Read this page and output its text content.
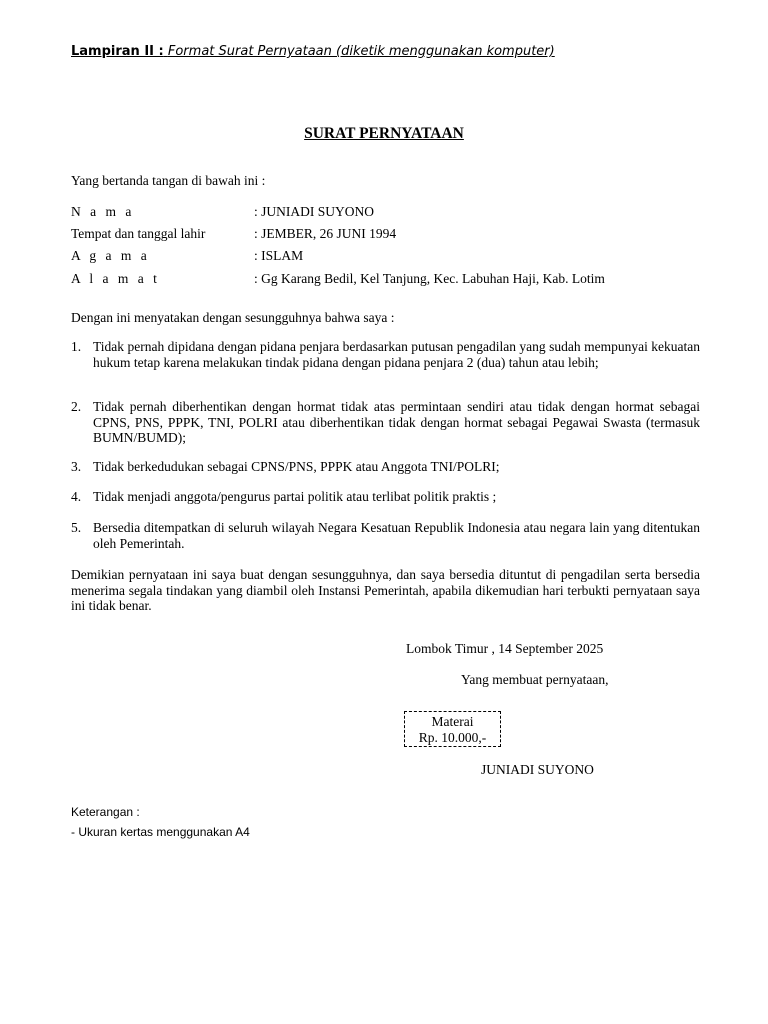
Lampiran II : Format Surat Pernyataan (diketik menggunakan komputer)
SURAT PERNYATAAN
Yang bertanda tangan di bawah ini :
N a m a	: JUNIADI SUYONO
Tempat dan tanggal lahir	: JEMBER, 26 JUNI 1994
A g a m a	: ISLAM
A l a m a t	: Gg Karang Bedil, Kel Tanjung, Kec. Labuhan Haji, Kab. Lotim
Dengan ini menyatakan dengan sesungguhnya bahwa saya :
1. Tidak pernah dipidana dengan pidana penjara berdasarkan putusan pengadilan yang sudah mempunyai kekuatan hukum tetap karena melakukan tindak pidana dengan pidana penjara 2 (dua) tahun atau lebih;
2. Tidak pernah diberhentikan dengan hormat tidak atas permintaan sendiri atau tidak dengan hormat sebagai CPNS, PNS, PPPK, TNI, POLRI atau diberhentikan tidak dengan hormat sebagai Pegawai Swasta (termasuk BUMN/BUMD);
3. Tidak berkedudukan sebagai CPNS/PNS, PPPK atau Anggota TNI/POLRI;
4. Tidak menjadi anggota/pengurus partai politik atau terlibat politik praktis ;
5. Bersedia ditempatkan di seluruh wilayah Negara Kesatuan Republik Indonesia atau negara lain yang ditentukan oleh Pemerintah.
Demikian pernyataan ini saya buat dengan sesungguhnya, dan saya bersedia dituntut di pengadilan serta bersedia menerima segala tindakan yang diambil oleh Instansi Pemerintah, apabila dikemudian hari terbukti pernyataan saya ini tidak benar.
Lombok Timur , 14 September 2025
Yang membuat pernyataan,
Materai
Rp. 10.000,-
JUNIADI SUYONO
Keterangan :
- Ukuran kertas menggunakan A4
